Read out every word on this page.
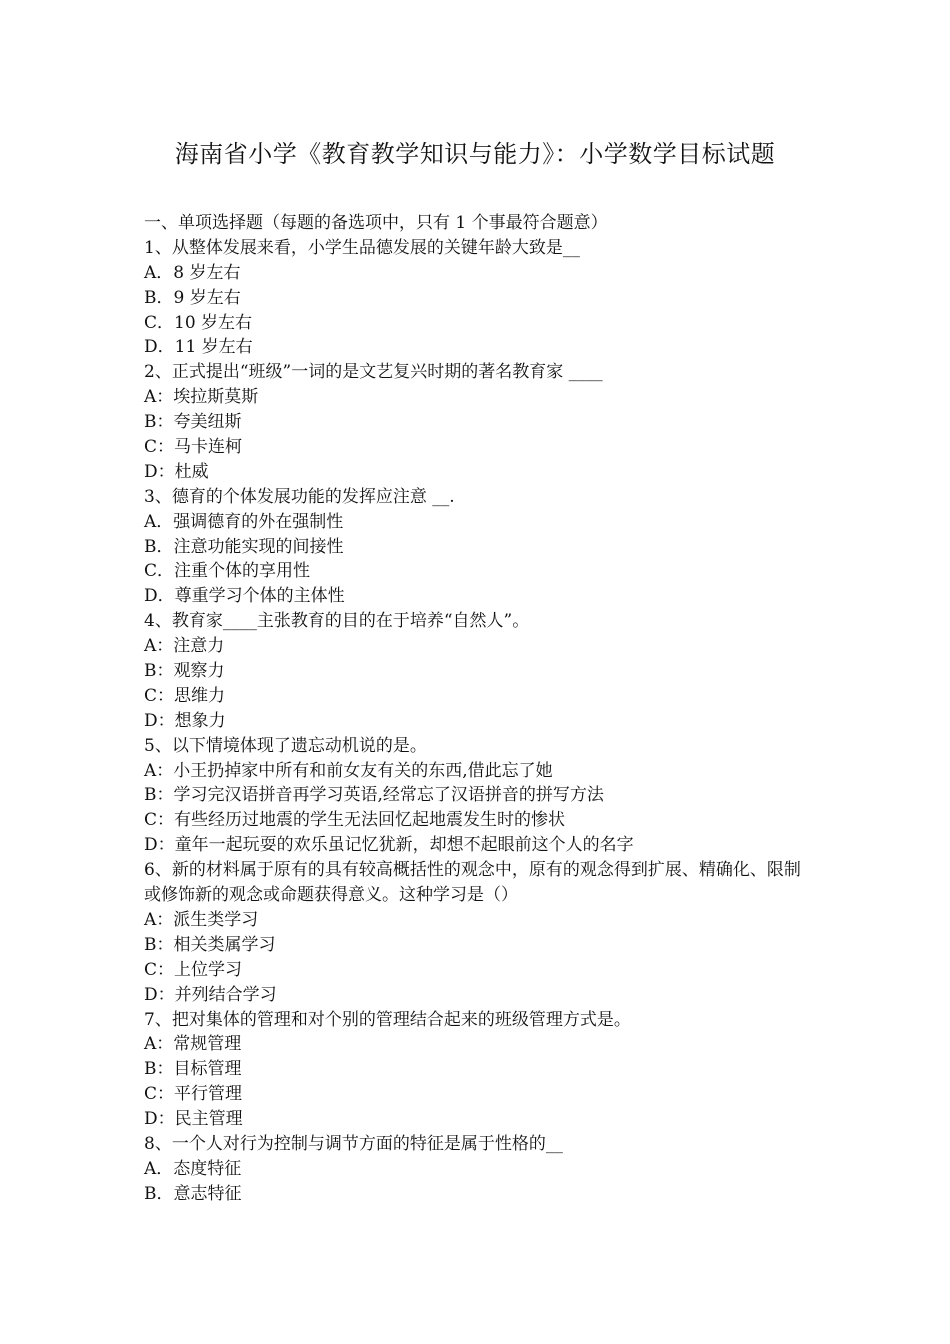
海南省小学《教育教学知识与能力》：小学数学目标试题
一、单项选择题（每题的备选项中，只有 1 个事最符合题意）
1、从整体发展来看，小学生品德发展的关键年龄大致是__
A．8 岁左右
B．9 岁左右
C．10 岁左右
D．11 岁左右
2、正式提出“班级”一词的是文艺复兴时期的著名教育家 ____
A：埃拉斯莫斯
B：夸美纽斯
C：马卡连柯
D：杜威
3、德育的个体发展功能的发挥应注意 __.
A．强调德育的外在强制性
B．注意功能实现的间接性
C．注重个体的享用性
D．尊重学习个体的主体性
4、教育家____主张教育的目的在于培养“自然人”。
A：注意力
B：观察力
C：思维力
D：想象力
5、以下情境体现了遗忘动机说的是。
A：小王扔掉家中所有和前女友有关的东西,借此忘了她
B：学习完汉语拼音再学习英语,经常忘了汉语拼音的拼写方法
C：有些经历过地震的学生无法回忆起地震发生时的惨状
D：童年一起玩耍的欢乐虽记忆犹新，却想不起眼前这个人的名字
6、新的材料属于原有的具有较高概括性的观念中，原有的观念得到扩展、精确化、限制或修饰新的观念或命题获得意义。这种学习是（）
A：派生类学习
B：相关类属学习
C：上位学习
D：并列结合学习
7、把对集体的管理和对个别的管理结合起来的班级管理方式是。
A：常规管理
B：目标管理
C：平行管理
D：民主管理
8、一个人对行为控制与调节方面的特征是属于性格的__
A．态度特征
B．意志特征
